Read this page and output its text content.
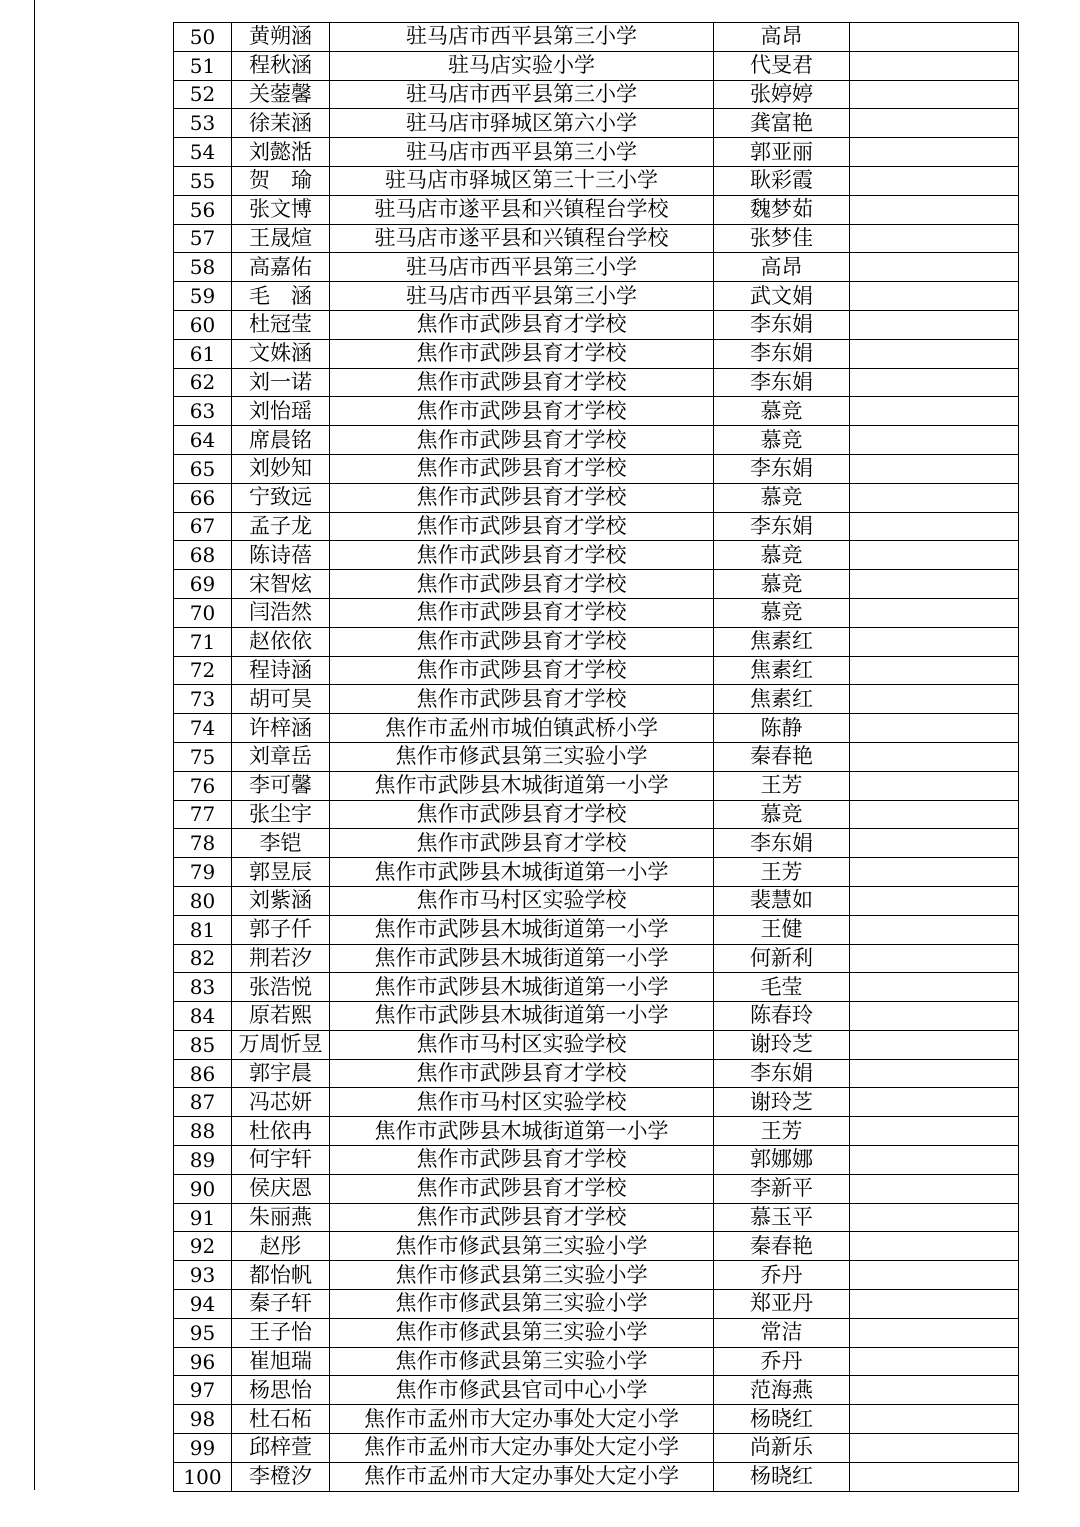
50	黄朔涵	驻马店市西平县第三小学	高昂	
51	程秋涵	驻马店实验小学	代旻君	
52	关蓥馨	驻马店市西平县第三小学	张婷婷	
53	徐茉涵	驻马店市驿城区第六小学	龚富艳	
54	刘懿湉	驻马店市西平县第三小学	郭亚丽	
55	贺　瑜	驻马店市驿城区第三十三小学	耿彩霞	
56	张文博	驻马店市遂平县和兴镇程台学校	魏梦茹	
57	王晟煊	驻马店市遂平县和兴镇程台学校	张梦佳	
58	高嘉佑	驻马店市西平县第三小学	高昂	
59	毛　涵	驻马店市西平县第三小学	武文娟	
60	杜冠莹	焦作市武陟县育才学校	李东娟	
61	文姝涵	焦作市武陟县育才学校	李东娟	
62	刘一诺	焦作市武陟县育才学校	李东娟	
63	刘怡瑶	焦作市武陟县育才学校	慕竞	
64	席晨铭	焦作市武陟县育才学校	慕竞	
65	刘妙知	焦作市武陟县育才学校	李东娟	
66	宁致远	焦作市武陟县育才学校	慕竞	
67	孟子龙	焦作市武陟县育才学校	李东娟	
68	陈诗蓓	焦作市武陟县育才学校	慕竞	
69	宋智炫	焦作市武陟县育才学校	慕竞	
70	闫浩然	焦作市武陟县育才学校	慕竞	
71	赵依依	焦作市武陟县育才学校	焦素红	
72	程诗涵	焦作市武陟县育才学校	焦素红	
73	胡可昊	焦作市武陟县育才学校	焦素红	
74	许梓涵	焦作市孟州市城伯镇武桥小学	陈静	
75	刘章岳	焦作市修武县第三实验小学	秦春艳	
76	李可馨	焦作市武陟县木城街道第一小学	王芳	
77	张尘宇	焦作市武陟县育才学校	慕竞	
78	李铠	焦作市武陟县育才学校	李东娟	
79	郭昱辰	焦作市武陟县木城街道第一小学	王芳	
80	刘紫涵	焦作市马村区实验学校	裴慧如	
81	郭子仟	焦作市武陟县木城街道第一小学	王健	
82	荆若汐	焦作市武陟县木城街道第一小学	何新利	
83	张浩悦	焦作市武陟县木城街道第一小学	毛莹	
84	原若熙	焦作市武陟县木城街道第一小学	陈春玲	
85	万周忻昱	焦作市马村区实验学校	谢玲芝	
86	郭宇晨	焦作市武陟县育才学校	李东娟	
87	冯芯妍	焦作市马村区实验学校	谢玲芝	
88	杜依冉	焦作市武陟县木城街道第一小学	王芳	
89	何宇轩	焦作市武陟县育才学校	郭娜娜	
90	侯庆恩	焦作市武陟县育才学校	李新平	
91	朱丽燕	焦作市武陟县育才学校	慕玉平	
92	赵彤	焦作市修武县第三实验小学	秦春艳	
93	都怡帆	焦作市修武县第三实验小学	乔丹	
94	秦子轩	焦作市修武县第三实验小学	郑亚丹	
95	王子怡	焦作市修武县第三实验小学	常洁	
96	崔旭瑞	焦作市修武县第三实验小学	乔丹	
97	杨思怡	焦作市修武县官司中心小学	范海燕	
98	杜石柘	焦作市孟州市大定办事处大定小学	杨晓红	
99	邱梓萱	焦作市孟州市大定办事处大定小学	尚新乐	
100	李橙汐	焦作市孟州市大定办事处大定小学	杨晓红	
